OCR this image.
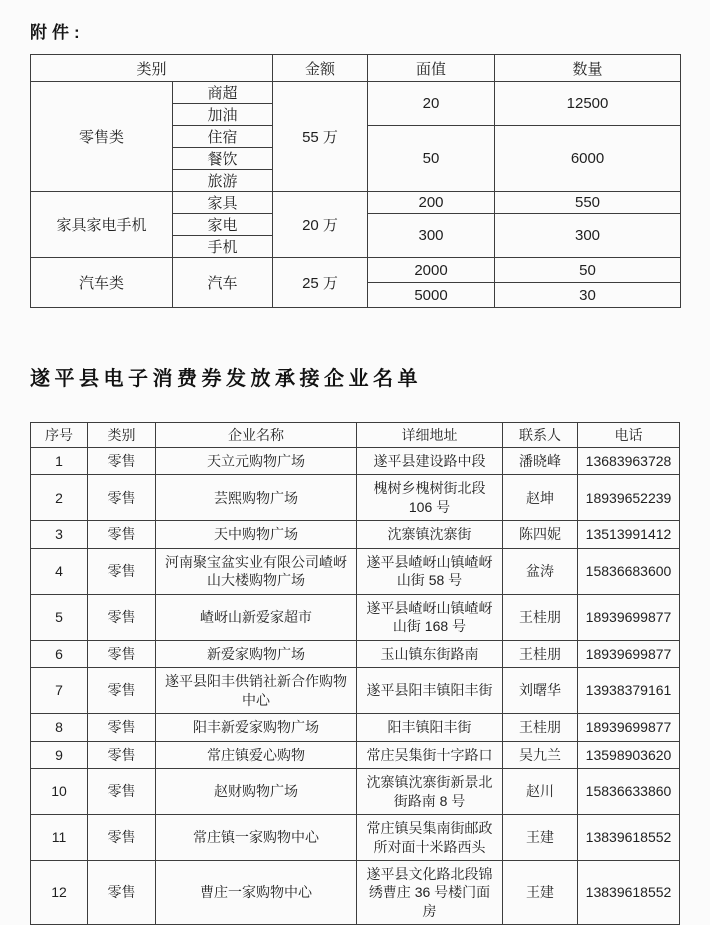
附件:
类别		金额	面值	数量
零售类	商超	55 万	20	12500
	加油			
	住宿		50	6000
	餐饮			
	旅游			
家具家电手机	家具	20 万	200	550
	家电		300	300
	手机			
汽车类	汽车	25 万	2000	50
			5000	30
遂平县电子消费券发放承接企业名单
序号	类别	企业名称	详细地址	联系人	电话
1	零售	天立元购物广场	遂平县建设路中段	潘晓峰	13683963728
2	零售	芸熙购物广场	槐树乡槐树街北段 106 号	赵坤	18939652239
3	零售	天中购物广场	沈寨镇沈寨街	陈四妮	13513991412
4	零售	河南聚宝盆实业有限公司嵖岈山大楼购物广场	遂平县嵖岈山镇嵖岈山街 58 号	盆涛	15836683600
5	零售	嵖岈山新爱家超市	遂平县嵖岈山镇嵖岈山街 168 号	王桂朋	18939699877
6	零售	新爱家购物广场	玉山镇东街路南	王桂朋	18939699877
7	零售	遂平县阳丰供销社新合作购物中心	遂平县阳丰镇阳丰街	刘曙华	13938379161
8	零售	阳丰新爱家购物广场	阳丰镇阳丰街	王桂朋	18939699877
9	零售	常庄镇爱心购物	常庄吴集街十字路口	吴九兰	13598903620
10	零售	赵财购物广场	沈寨镇沈寨街新景北街路南 8 号	赵川	15836633860
11	零售	常庄镇一家购物中心	常庄镇吴集南街邮政所对面十米路西头	王建	13839618552
12	零售	曹庄一家购物中心	遂平县文化路北段锦绣曹庄 36 号楼门面房	王建	13839618552
